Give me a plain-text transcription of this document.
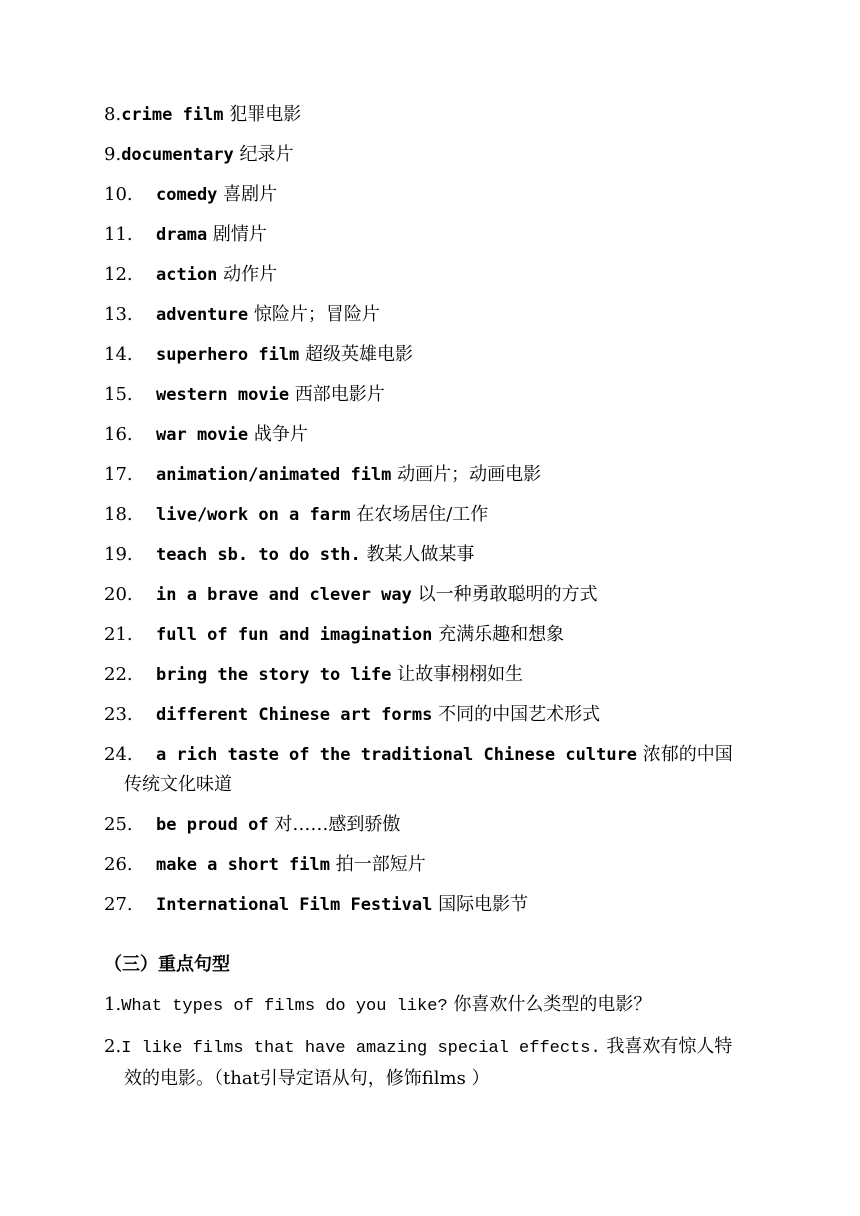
8.crime film 犯罪电影
9.documentary 纪录片
10. comedy 喜剧片
11. drama 剧情片
12. action 动作片
13. adventure 惊险片；冒险片
14. superhero film 超级英雄电影
15. western movie 西部电影片
16. war movie 战争片
17. animation/animated film 动画片；动画电影
18. live/work on a farm 在农场居住/工作
19. teach sb. to do sth. 教某人做某事
20. in a brave and clever way 以一种勇敢聪明的方式
21. full of fun and imagination 充满乐趣和想象
22. bring the story to life 让故事栩栩如生
23. different Chinese art forms 不同的中国艺术形式
24. a rich taste of the traditional Chinese culture 浓郁的中国
传统文化味道
25. be proud of 对……感到骄傲
26. make a short film 拍一部短片
27. International Film Festival 国际电影节
（三）重点句型
1.What types of films do you like? 你喜欢什么类型的电影？
2.I like films that have amazing special effects. 我喜欢有惊人特
效的电影。（that引导定语从句，修饰films ）
